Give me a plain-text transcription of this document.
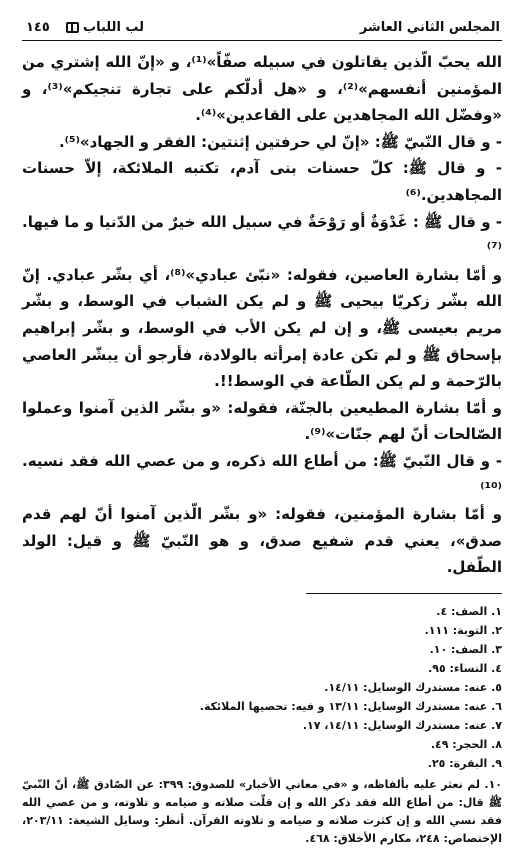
المجلس الثاني العاشر
لب اللباب
١٤٥

الله يحبّ الّذين يقاتلون في سبيله صفّاً»⁽¹⁾، و «إنّ الله إشتري من المؤمنين أنفسهم»⁽²⁾، و «هل أدلّكم على تجارة تنجيكم»⁽³⁾، و «وفضّل الله المجاهدين على القاعدين»⁽⁴⁾.

- و قال النّبيّ ﷺ: «إنّ لي حرفتين إثنتين: الفقر و الجهاد»⁽⁵⁾.

- و قال ﷺ: كلّ حسنات بنى آدم، تكتبه الملائكة، إلاّ حسنات المجاهدين.⁽⁶⁾

- و قال ﷺ : غَدْوَةٌ أو رَوْحَةٌ في سبيل الله خيرٌ من الدّنيا و ما فيها.⁽⁷⁾

و أمّا بشارة العاصين، فقوله: «نبّئ عبادي»⁽⁸⁾، أي بشّر عبادي. إنّ الله بشّر زكريّا بيحيى ﷺ و لم يكن الشباب في الوسط، و بشّر مريم بعيسى ﷺ، و إن لم يكن الأب في الوسط، و بشّر إبراهيم بإسحاق ﷺ و لم تكن عادة إمرأته بالولادة، فأرجو أن يبشّر العاصي بالرّحمة و لم يكن الطّاعة في الوسط!!.

و أمّا بشارة المطيعين بالجنّة، فقوله: «و بشّر الذين آمنوا وعملوا الصّالحات أنّ لهم جنّات»⁽⁹⁾.

- و قال النّبيّ ﷺ: من أطاع الله ذكره، و من عصي الله فقد نسيه.⁽¹⁰⁾

و أمّا بشارة المؤمنين، فقوله: «و بشّر الّذين آمنوا أنّ لهم قدم صدق»، يعني قدم شفيع صدق، و هو النّبيّ ﷺ و قيل: الولد الطّفل.

١. الصف: ٤.

٢. التوبة: ١١١.

٣. الصف: ١٠.

٤. النساء: ٩٥.

٥. عنه: مستدرك الوسايل: ١٤/١١.

٦. عنه: مستدرك الوسايل: ١٣/١١ و فيه: تحصيها الملائكة.

٧. عنه: مستدرك الوسايل: ١٤/١١، ١٧.

٨. الحجر: ٤٩.

٩. البقرة: ٢٥.

١٠. لم نعثر عليه بألفاظه، و «في معاني الأخبار» للصدوق: ٣٩٩: عن الصّادق ﷺ، أنّ النّبيّ ﷺ قال: من أطاع الله فقد ذكر الله و إن قلّت صلاته و صيامه و تلاوته، و من عصي الله فقد نسي الله و إن كثرت صلاته و صيامه و تلاوته القرآن. أنظر: وسايل الشيعة: ٢٠٣/١١، الإختصاص: ٢٤٨، مكارم الأخلاق: ٤٦٨.
